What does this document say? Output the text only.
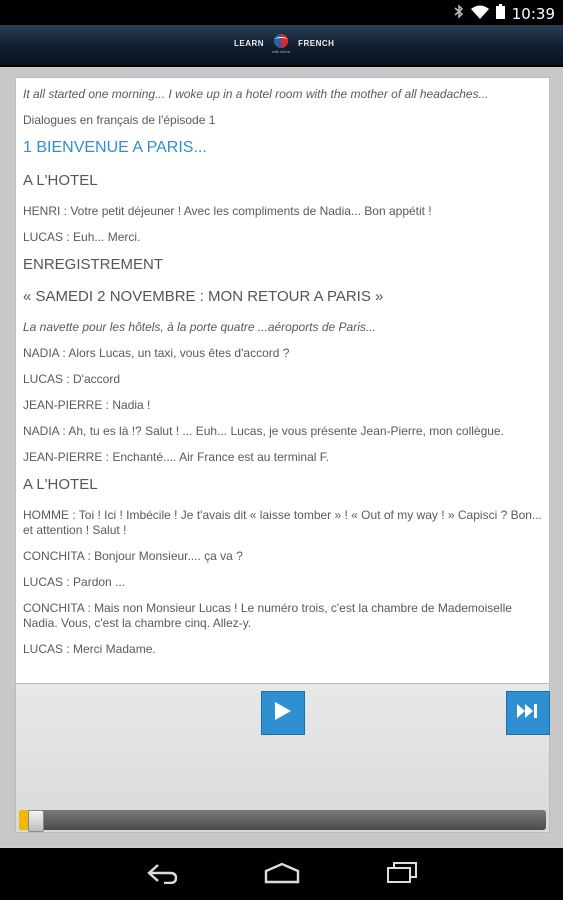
10:39
LEARN	FRENCH
with Alexa

It all started one morning... I woke up in a hotel room with the mother of all headaches...

Dialogues en français de l'épisode 1

1 BIENVENUE A PARIS...

A L'HOTEL

HENRI : Votre petit déjeuner ! Avec les compliments de Nadia... Bon appétit !

LUCAS : Euh... Merci.

ENREGISTREMENT

« SAMEDI 2 NOVEMBRE : MON RETOUR A PARIS »

La navette pour les hôtels, à la porte quatre ...aéroports de Paris...

NADIA : Alors Lucas, un taxi, vous êtes d'accord ?

LUCAS : D'accord

JEAN-PIERRE : Nadia !

NADIA : Ah, tu es là !? Salut ! ... Euh... Lucas, je vous présente Jean-Pierre, mon collègue.

JEAN-PIERRE : Enchanté.... Air France est au terminal F.

A L'HOTEL

HOMME : Toi ! Ici ! Imbécile ! Je t'avais dit « laisse tomber » ! « Out of my way ! » Capisci ? Bon... et attention ! Salut !

CONCHITA : Bonjour Monsieur.... ça va ?

LUCAS : Pardon ...

CONCHITA : Mais non Monsieur Lucas ! Le numéro trois, c'est la chambre de Mademoiselle Nadia. Vous, c'est la chambre cinq. Allez-y.

LUCAS : Merci Madame.
